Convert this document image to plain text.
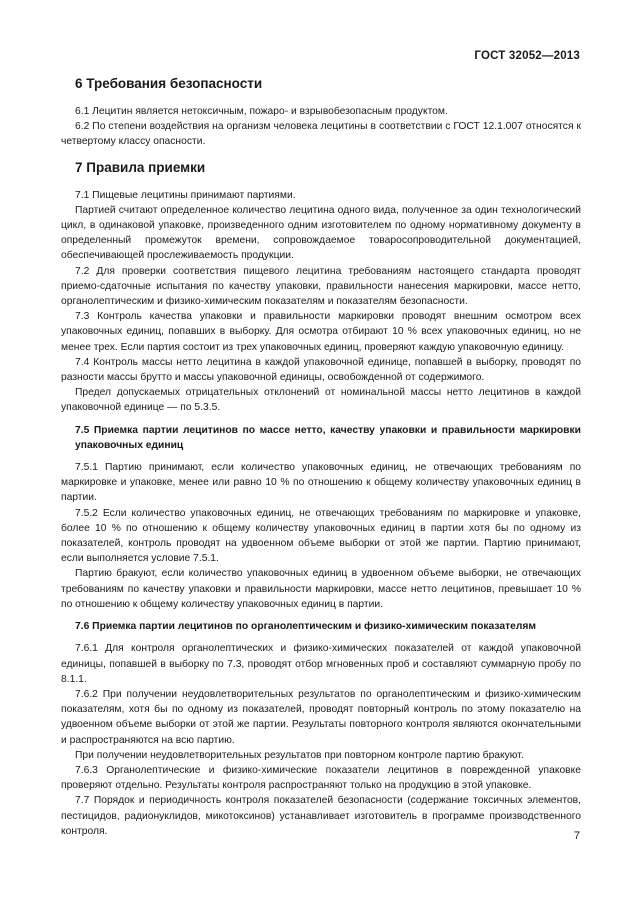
ГОСТ 32052—2013
6 Требования безопасности

6.1 Лецитин является нетоксичным, пожаро- и взрывобезопасным продуктом.

6.2 По степени воздействия на организм человека лецитины в соответствии с ГОСТ 12.1.007 относятся к четвертому классу опасности.

7 Правила приемки

7.1 Пищевые лецитины принимают партиями.

Партией считают определенное количество лецитина одного вида, полученное за один технологический цикл, в одинаковой упаковке, произведенного одним изготовителем по одному нормативному документу в определенный промежуток времени, сопровождаемое товаросопроводительной документацией, обеспечивающей прослеживаемость продукции.

7.2 Для проверки соответствия пищевого лецитина требованиям настоящего стандарта проводят приемо-сдаточные испытания по качеству упаковки, правильности нанесения маркировки, массе нетто, органолептическим и физико-химическим показателям и показателям безопасности.

7.3 Контроль качества упаковки и правильности маркировки проводят внешним осмотром всех упаковочных единиц, попавших в выборку. Для осмотра отбирают 10 % всех упаковочных единиц, но не менее трех. Если партия состоит из трех упаковочных единиц, проверяют каждую упаковочную единицу.

7.4 Контроль массы нетто лецитина в каждой упаковочной единице, попавшей в выборку, проводят по разности массы брутто и массы упаковочной единицы, освобожденной от содержимого.

Предел допускаемых отрицательных отклонений от номинальной массы нетто лецитинов в каждой упаковочной единице — по 5.3.5.

7.5 Приемка партии лецитинов по массе нетто, качеству упаковки и правильности маркировки упаковочных единиц

7.5.1 Партию принимают, если количество упаковочных единиц, не отвечающих требованиям по маркировке и упаковке, менее или равно 10 % по отношению к общему количеству упаковочных единиц в партии.

7.5.2 Если количество упаковочных единиц, не отвечающих требованиям по маркировке и упаковке, более 10 % по отношению к общему количеству упаковочных единиц в партии хотя бы по одному из показателей, контроль проводят на удвоенном объеме выборки от этой же партии. Партию принимают, если выполняется условие 7.5.1.

Партию бракуют, если количество упаковочных единиц в удвоенном объеме выборки, не отвечающих требованиям по качеству упаковки и правильности маркировки, массе нетто лецитинов, превышает 10 % по отношению к общему количеству упаковочных единиц в партии.

7.6 Приемка партии лецитинов по органолептическим и физико-химическим показателям

7.6.1 Для контроля органолептических и физико-химических показателей от каждой упаковочной единицы, попавшей в выборку по 7.3, проводят отбор мгновенных проб и составляют суммарную пробу по 8.1.1.

7.6.2 При получении неудовлетворительных результатов по органолептическим и физико-химическим показателям, хотя бы по одному из показателей, проводят повторный контроль по этому показателю на удвоенном объеме выборки от этой же партии. Результаты повторного контроля являются окончательными и распространяются на всю партию.

При получении неудовлетворительных результатов при повторном контроле партию бракуют.

7.6.3 Органолептические и физико-химические показатели лецитинов в поврежденной упаковке проверяют отдельно. Результаты контроля распространяют только на продукцию в этой упаковке.

7.7 Порядок и периодичность контроля показателей безопасности (содержание токсичных элементов, пестицидов, радионуклидов, микотоксинов) устанавливает изготовитель в программе производственного контроля.	7
